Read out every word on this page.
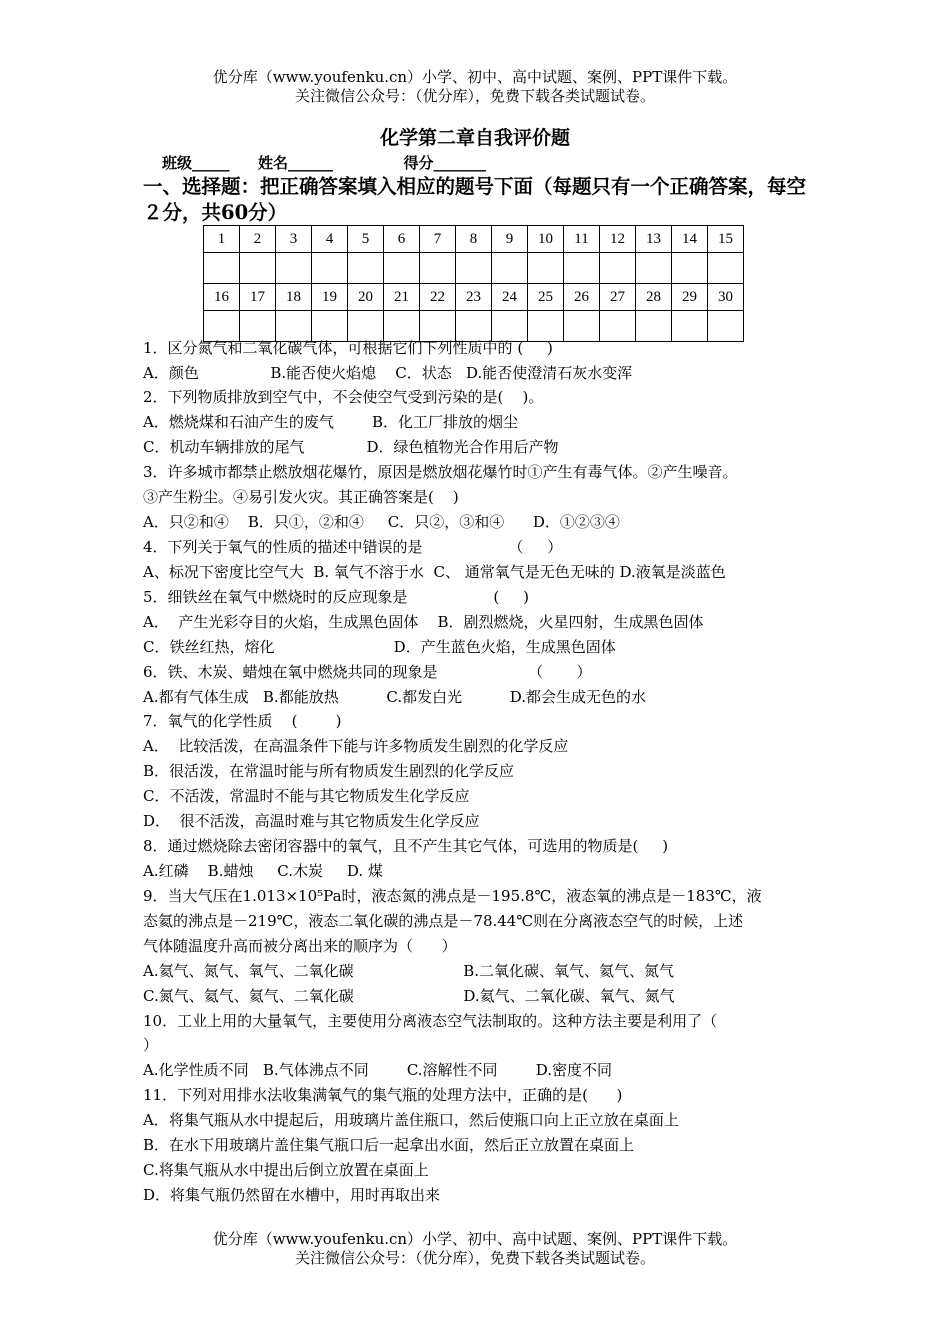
优分库（www.youfenku.cn）小学、初中、高中试题、案例、PPT课件下载。
关注微信公众号：（优分库），免费下载各类试题试卷。
化学第二章自我评价题
班级_____ 姓名______	得分_______
一、选择题：把正确答案填入相应的题号下面（每题只有一个正确答案，每空２分，共60分）
1	2	3	4	5	6	7	8	9	10	11	12	13	14	15

16	17	18	19	20	21	22	23	24	25	26	27	28	29	30

1．区分氮气和二氧化碳气体，可根据它们下列性质中的 (     )
A．颜色               B.能否使火焰熄    C．状态   D.能否使澄清石灰水变浑
2．下列物质排放到空气中，不会使空气受到污染的是(    )。
A．燃烧煤和石油产生的废气        B．化工厂排放的烟尘
C．机动车辆排放的尾气             D．绿色植物光合作用后产物
3．许多城市都禁止燃放烟花爆竹，原因是燃放烟花爆竹时①产生有毒气体。②产生噪音。
③产生粉尘。④易引发火灾。其正确答案是(    )
A．只②和④    B．只①，②和④     C．只②，③和④      D．①②③④
4．下列关于氧气的性质的描述中错误的是                  （     ）
A、标况下密度比空气大  B. 氧气不溶于水  C、 通常氧气是无色无味的 D.液氧是淡蓝色
5．细铁丝在氧气中燃烧时的反应现象是                  (     )
A．  产生光彩夺目的火焰，生成黑色固体    B．剧烈燃烧，火星四射，生成黑色固体
C．铁丝红热，熔化                         D．产生蓝色火焰，生成黑色固体
6．铁、木炭、蜡烛在氧中燃烧共同的现象是                   （       ）
A.都有气体生成   B.都能放热          C.都发白光          D.都会生成无色的水
7．氧气的化学性质    (        )
A．  比较活泼，在高温条件下能与许多物质发生剧烈的化学反应
B．很活泼，在常温时能与所有物质发生剧烈的化学反应
C．不活泼，常温时不能与其它物质发生化学反应
D．  很不活泼，高温时难与其它物质发生化学反应
8．通过燃烧除去密闭容器中的氧气，且不产生其它气体，可选用的物质是(     )
A.红磷    B.蜡烛     C.木炭     D. 煤
9．当大气压在1.013×10⁵Pa时，液态氮的沸点是－195.8℃，液态氧的沸点是－183℃，液
态氦的沸点是－219℃，液态二氧化碳的沸点是－78.44℃则在分离液态空气的时候，上述
气体随温度升高而被分离出来的顺序为（      ）
A.氦气、氮气、氧气、二氧化碳                       B.二氧化碳、氧气、氦气、氮气
C.氮气、氦气、氦气、二氧化碳                       D.氦气、二氧化碳、氧气、氮气
10．工业上用的大量氧气，主要使用分离液态空气法制取的。这种方法主要是利用了（
）
A.化学性质不同   B.气体沸点不同        C.溶解性不同        D.密度不同
11．下列对用排水法收集满氧气的集气瓶的处理方法中，正确的是(      )
A．将集气瓶从水中提起后，用玻璃片盖住瓶口，然后使瓶口向上正立放在桌面上
B．在水下用玻璃片盖住集气瓶口后一起拿出水面，然后正立放置在桌面上
C.将集气瓶从水中提出后倒立放置在桌面上
D．将集气瓶仍然留在水槽中，用时再取出来
优分库（www.youfenku.cn）小学、初中、高中试题、案例、PPT课件下载。
关注微信公众号：（优分库），免费下载各类试题试卷。
